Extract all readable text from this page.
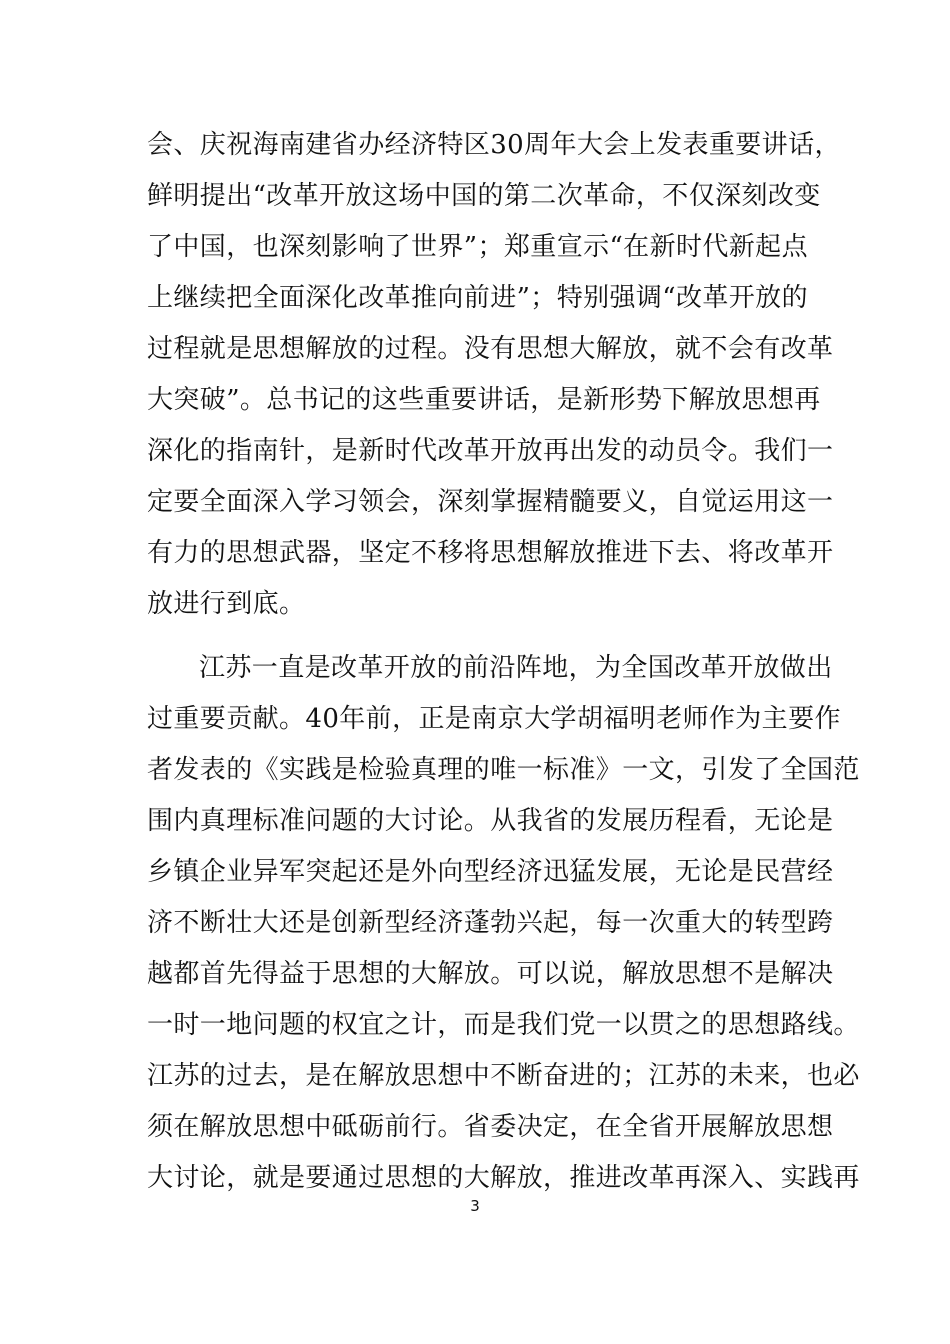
会、庆祝海南建省办经济特区30周年大会上发表重要讲话，
鲜明提出“改革开放这场中国的第二次革命，不仅深刻改变
了中国，也深刻影响了世界”；郑重宣示“在新时代新起点
上继续把全面深化改革推向前进”；特别强调“改革开放的
过程就是思想解放的过程。没有思想大解放，就不会有改革
大突破”。总书记的这些重要讲话，是新形势下解放思想再
深化的指南针，是新时代改革开放再出发的动员令。我们一
定要全面深入学习领会，深刻掌握精髓要义，自觉运用这一
有力的思想武器，坚定不移将思想解放推进下去、将改革开
放进行到底。
江苏一直是改革开放的前沿阵地，为全国改革开放做出
过重要贡献。40年前，正是南京大学胡福明老师作为主要作
者发表的《实践是检验真理的唯一标准》一文，引发了全国范
围内真理标准问题的大讨论。从我省的发展历程看，无论是
乡镇企业异军突起还是外向型经济迅猛发展，无论是民营经
济不断壮大还是创新型经济蓬勃兴起，每一次重大的转型跨
越都首先得益于思想的大解放。可以说，解放思想不是解决
一时一地问题的权宜之计，而是我们党一以贯之的思想路线。
江苏的过去，是在解放思想中不断奋进的；江苏的未来，也必
须在解放思想中砥砺前行。省委决定，在全省开展解放思想
大讨论，就是要通过思想的大解放，推进改革再深入、实践再
3
